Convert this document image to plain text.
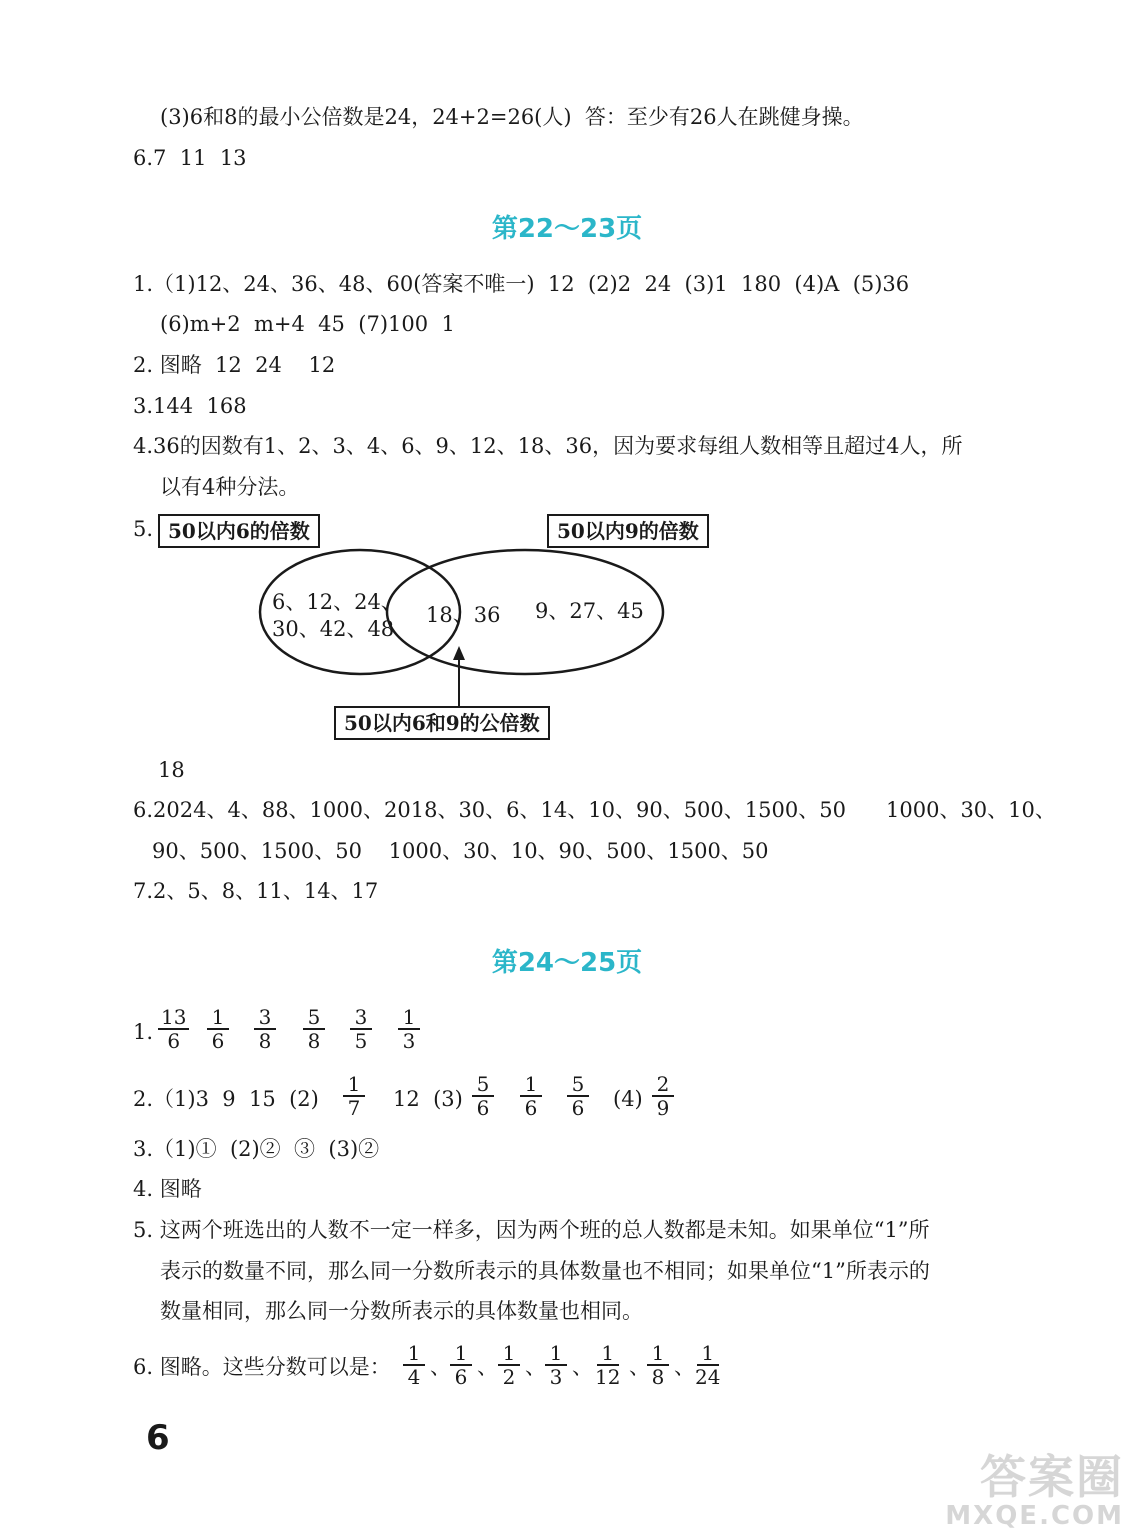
(3)6和8的最小公倍数是24，24+2=26(人)  答：至少有26人在跳健身操。
6.7  11  13
第22～23页
1.（1)12、24、36、48、60(答案不唯一)  12  (2)2  24  (3)1  180  (4)A  (5)36
(6)m+2  m+4  45  (7)100  1
2. 图略  12  24    12
3.144  168
4.36的因数有1、2、3、4、6、9、12、18、36，因为要求每组人数相等且超过4人，所
以有4种分法。
5. 50以内6的倍数	50以内9的倍数
6、12、24、
30、42、48
18、36 9、27、45
50以内6和9的公倍数
18
6.2024、4、88、1000、2018、30、6、14、10、90、500、1500、50      1000、30、10、
90、500、1500、50    1000、30、10、90、500、1500、50
7.2、5、8、11、14、17
第24～25页
1. $\frac{13}{6} \frac{1}{6} \frac{3}{8} \frac{5}{8} \frac{3}{5} \frac{1}{3}$
2.（1)3  9  15  $(2) \frac{1}{7} 12$  $(3) \frac{5}{6} \frac{1}{6} \frac{5}{6} (4) \frac{2}{9}$
3.（1)①  (2)②  ③  (3)②
4. 图略
5. 这两个班选出的人数不一定一样多，因为两个班的总人数都是未知。如果单位“1”所
表示的数量不同，那么同一分数所表示的具体数量也不相同；如果单位“1”所表示的
数量相同，那么同一分数所表示的具体数量也相同。
6. 图略。这些分数可以是： $\frac{1}{4}$ 、 $\frac{1}{6}$ 、 $\frac{1}{2}$ 、 $\frac{1}{3}$ 、 $\frac{1}{12}$ 、
$\frac{1}{8}$ 、
$\frac{1}{24}$
6
答案圈
MXQE.COM
